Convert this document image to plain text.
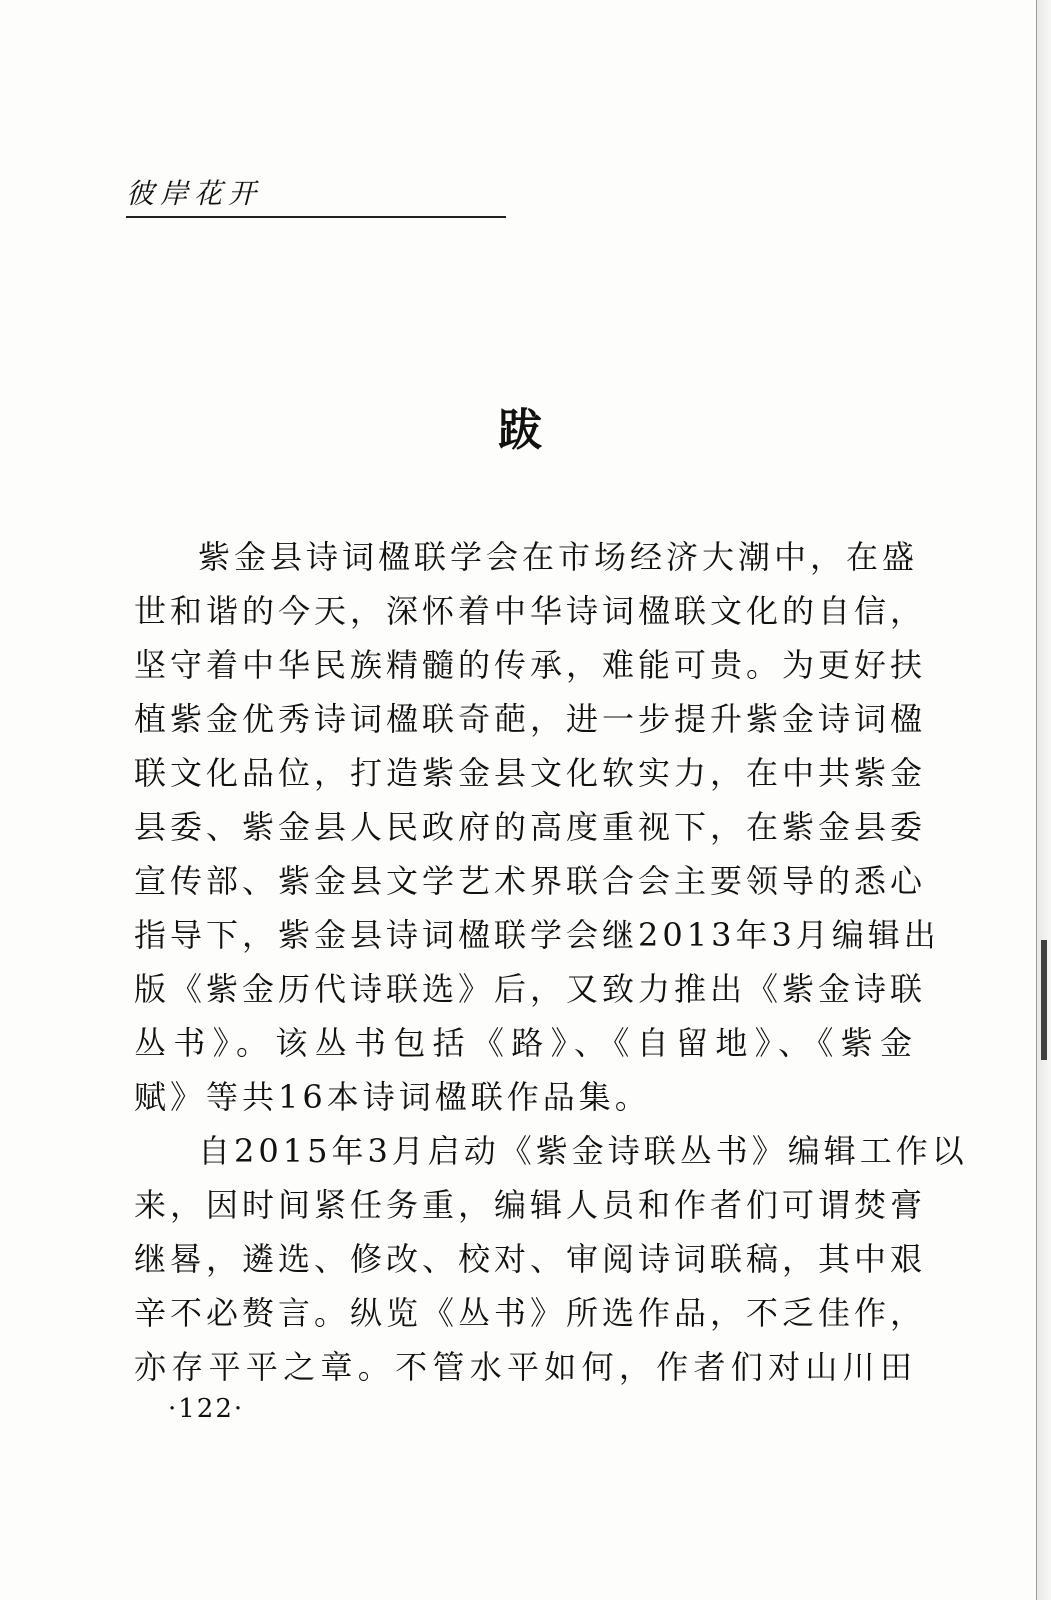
彼岸花开
跋

紫金县诗词楹联学会在市场经济大潮中，在盛
世和谐的今天，深怀着中华诗词楹联文化的自信，
坚守着中华民族精髓的传承，难能可贵。为更好扶
植紫金优秀诗词楹联奇葩，进一步提升紫金诗词楹
联文化品位，打造紫金县文化软实力，在中共紫金
县委、紫金县人民政府的高度重视下，在紫金县委
宣传部、紫金县文学艺术界联合会主要领导的悉心
指导下，紫金县诗词楹联学会继2013年3月编辑出
版《紫金历代诗联选》后，又致力推出《紫金诗联
丛书》。该丛书包括《路》、《自留地》、《紫金
赋》等共16本诗词楹联作品集。

自2015年3月启动《紫金诗联丛书》编辑工作以
来，因时间紧任务重，编辑人员和作者们可谓焚膏
继晷，遴选、修改、校对、审阅诗词联稿，其中艰
辛不必赘言。纵览《丛书》所选作品，不乏佳作，
亦存平平之章。不管水平如何，作者们对山川田

·122·
